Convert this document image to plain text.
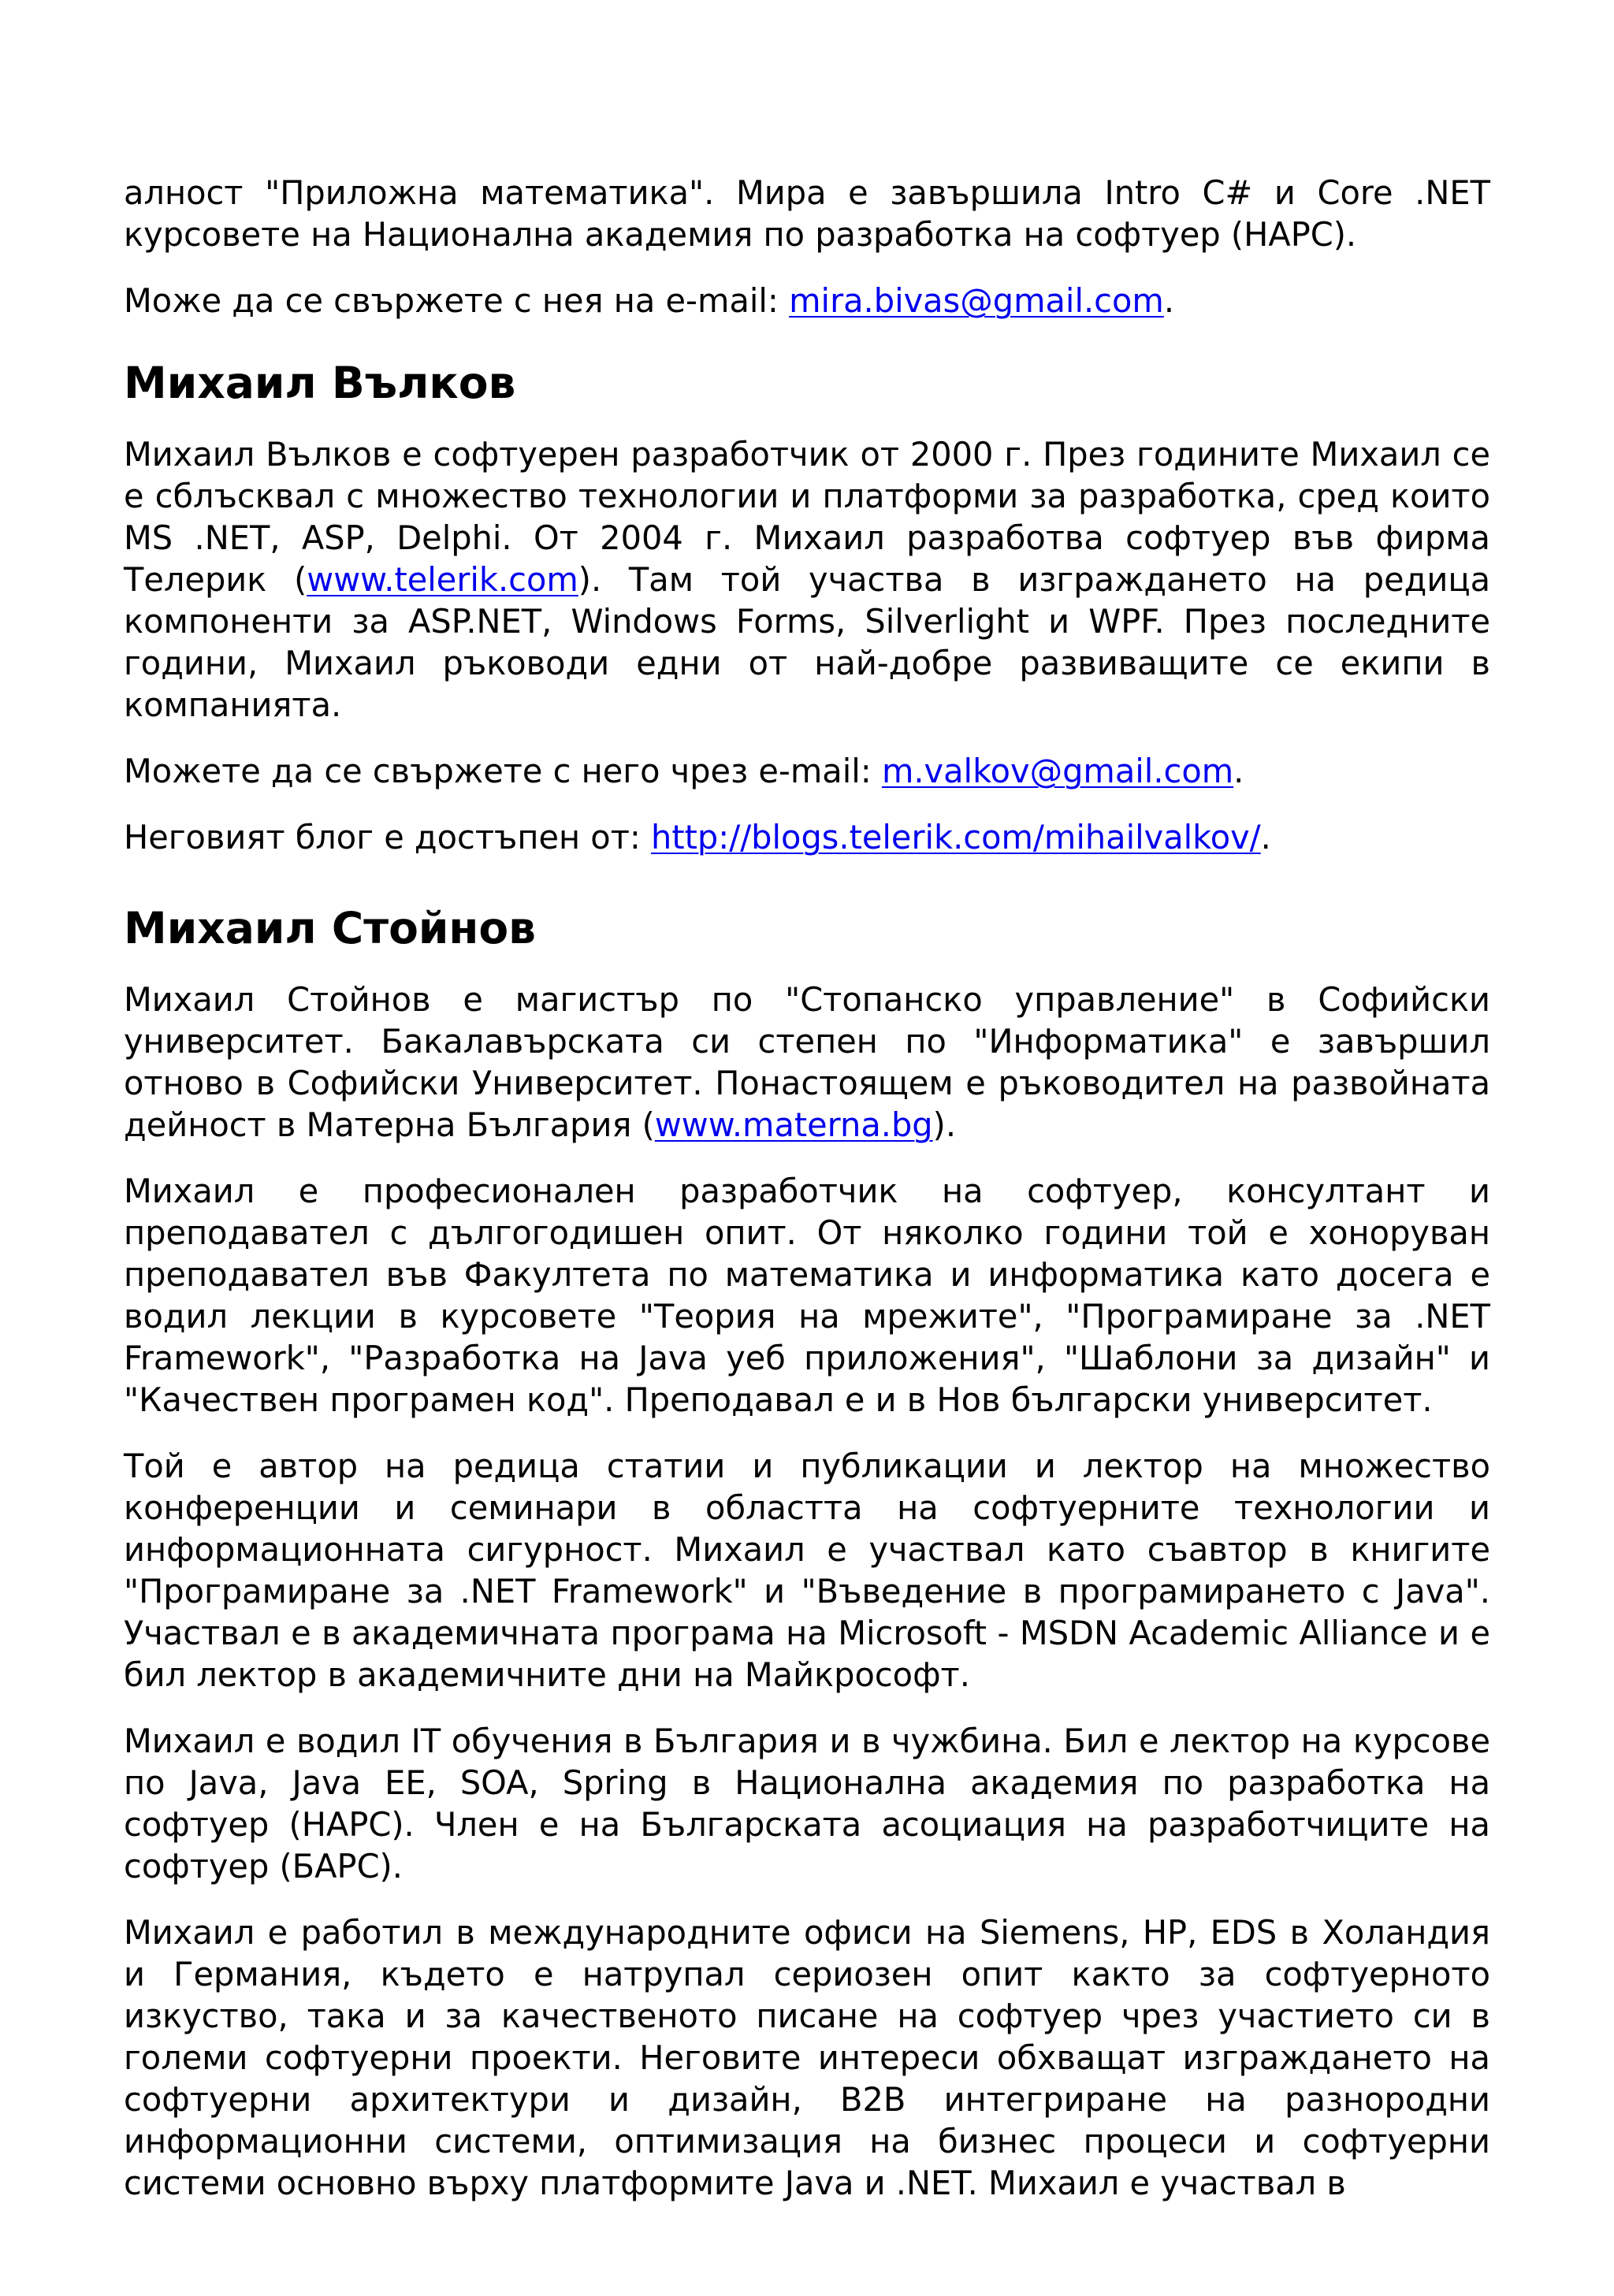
алност "Приложна математика". Мира е завършила Intro C# и Core .NET курсовете на Национална академия по разработка на софтуер (НАРС).

Може да се свържете с нея на e-mail: mira.bivas@gmail.com.

Михаил Вълков

Михаил Вълков е софтуерен разработчик от 2000 г. През годините Михаил се е сблъсквал с множество технологии и платформи за разработка, сред които MS .NET, ASP, Delphi. От 2004 г. Михаил разработва софтуер във фирма Телерик (www.telerik.com). Там той участва в изграждането на редица компоненти за ASP.NET, Windows Forms, Silverlight и WPF. През последните години, Михаил ръководи едни от най-добре развиващите се екипи в компанията.

Можете да се свържете с него чрез e-mail: m.valkov@gmail.com.

Неговият блог е достъпен от: http://blogs.telerik.com/mihailvalkov/.

Михаил Стойнов

Михаил Стойнов е магистър по "Стопанско управление" в Софийски университет. Бакалавърската си степен по "Информатика" е завършил отново в Софийски Университет. Понастоящем е ръководител на развойната дейност в Матерна България (www.materna.bg).

Михаил е професионален разработчик на софтуер, консултант и преподавател с дългогодишен опит. От няколко години той е хоноруван преподавател във Факултета по математика и информатика като досега е водил лекции в курсовете "Теория на мрежите", "Програмиране за .NET Framework", "Разработка на Java уеб приложения", "Шаблони за дизайн" и "Качествен програмен код". Преподавал е и в Нов български университет.

Той е автор на редица статии и публикации и лектор на множество конференции и семинари в областта на софтуерните технологии и информационната сигурност. Михаил е участвал като съавтор в книгите "Програмиране за .NET Framework" и "Въведение в програмирането с Java". Участвал е в академичната програма на Microsoft - MSDN Academic Alliance и е бил лектор в академичните дни на Майкрософт.

Михаил е водил IT обучения в България и в чужбина. Бил е лектор на курсове по Java, Java EE, SOA, Spring в Национална академия по разработка на софтуер (НАРС). Член е на Българската асоциация на разработчиците на софтуер (БАРС).

Михаил е работил в международните офиси на Siemens, HP, EDS в Холандия и Германия, където е натрупал сериозен опит както за софтуерното изкуство, така и за качественото писане на софтуер чрез участието си в големи софтуерни проекти. Неговите интереси обхващат изграждането на софтуерни архитектури и дизайн, B2B интегриране на разнородни информационни системи, оптимизация на бизнес процеси и софтуерни системи основно върху платформите Java и .NET. Михаил е участвал в
